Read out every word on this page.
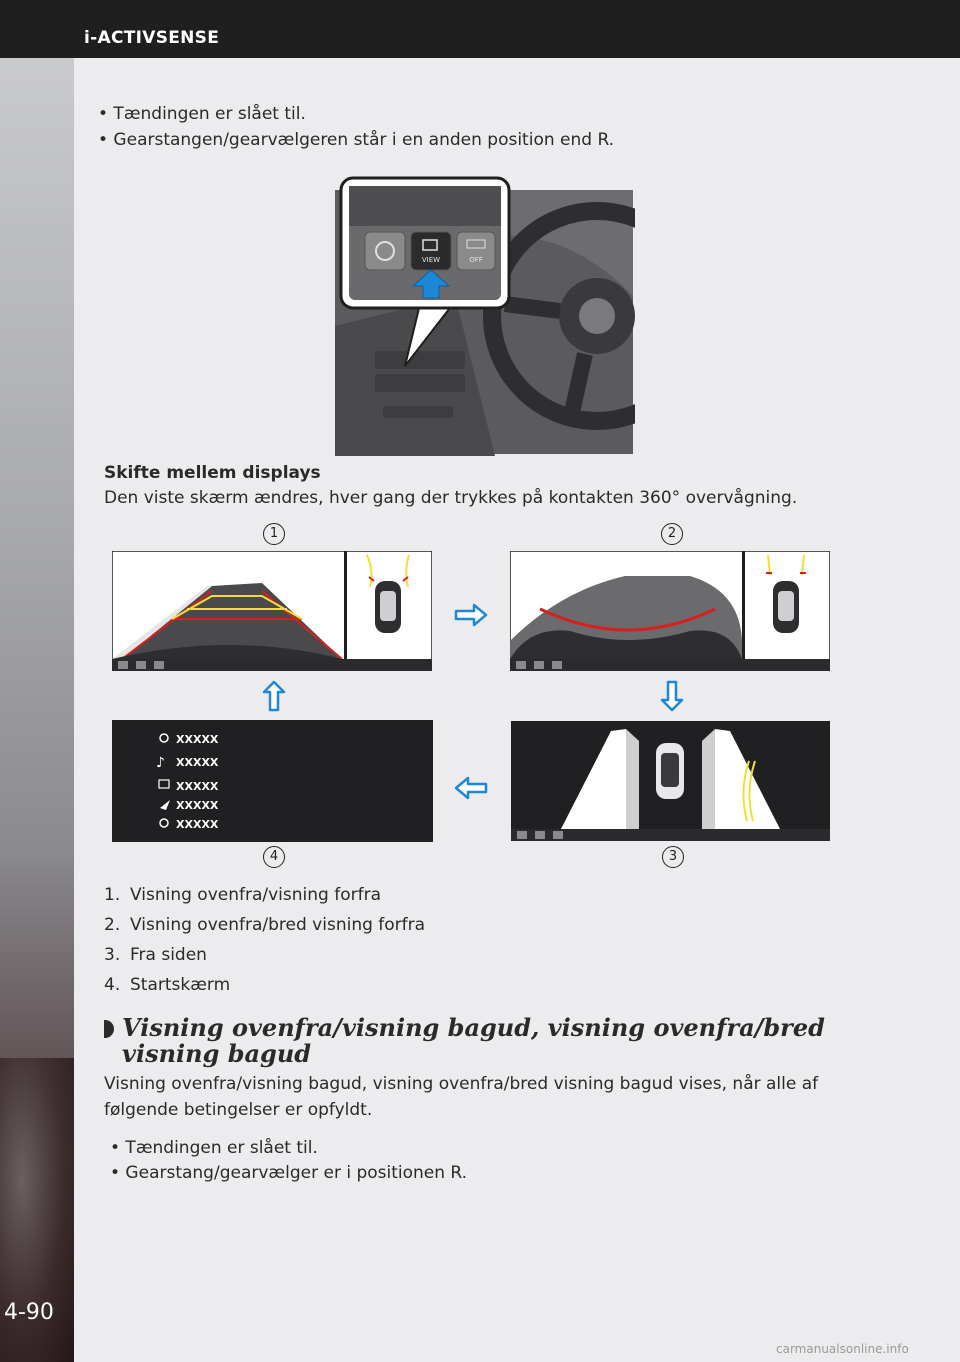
i-ACTIVSENSE
4-90
• Tændingen er slået til.
• Gearstangen/gearvælgeren står i en anden position end R.
VIEW	OFF
Skifte mellem displays
Den viste skærm ændres, hver gang der trykkes på kontakten 360° overvågning.
1	2
3
4
XXXXX
♪ XXXXX
XXXXX
XXXXX
XXXXX
1. Visning ovenfra/visning forfra
2. Visning ovenfra/bred visning forfra
3. Fra siden
4. Startskærm
Visning ovenfra/visning bagud, visning ovenfra/bred
visning bagud
Visning ovenfra/visning bagud, visning ovenfra/bred visning bagud vises, når alle af
følgende betingelser er opfyldt.
• Tændingen er slået til.
• Gearstang/gearvælger er i positionen R.
carmanualsonline.info
